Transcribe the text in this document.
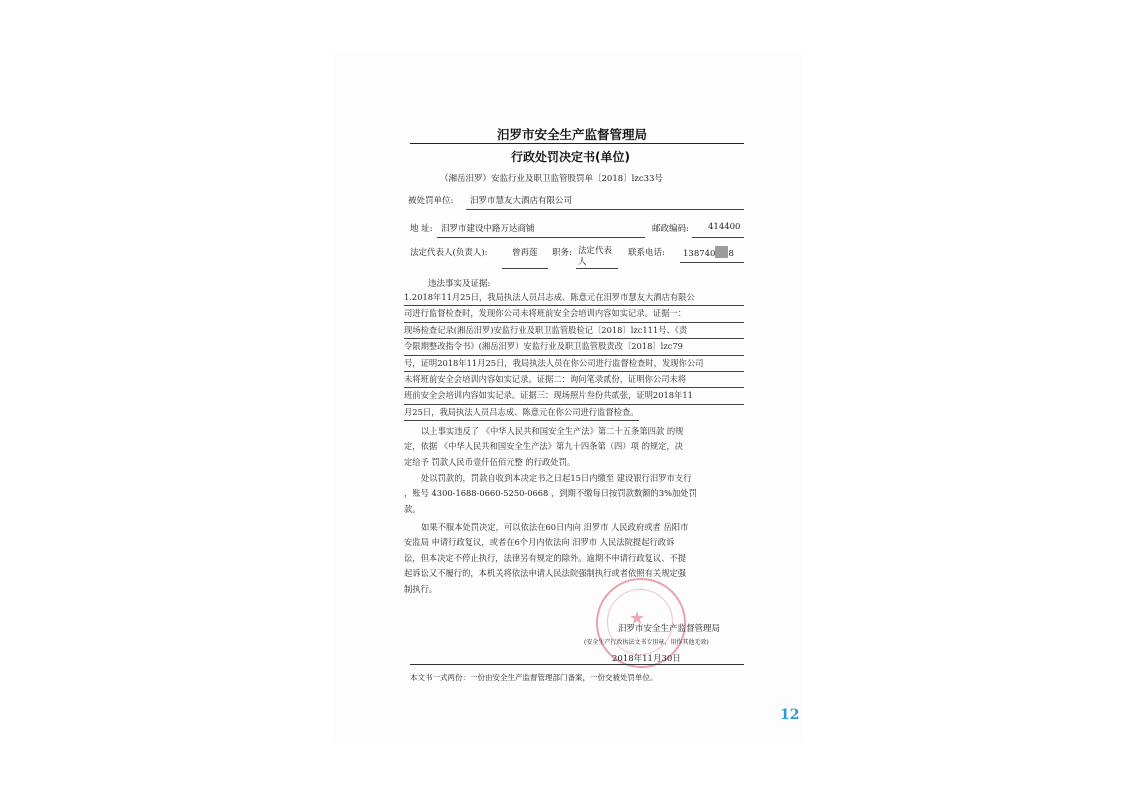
汨罗市安全生产监督管理局
行政处罚决定书(单位)
（湘岳汨罗）安监行业及职卫监管股罚单〔2018〕lzc33号
被处罚单位: 汨罗市慧友大酒店有限公司
地 址: 汨罗市建设中路万达商铺	邮政编码: 414400
法定代表人(负责人):	曾再莲 职务: 法定代表人
联系电话: 138740 8
违法事实及证据:
1.2018年11月25日，我局执法人员吕志成、陈意元在汨罗市慧友大酒店有限公
司进行监督检查时，发现你公司未将班前安全会培训内容如实记录。证据一：
现场检查记录(湘岳汨罗)安监行业及职卫监管股检记〔2018〕lzc111号、《责
令限期整改指令书》(湘岳汨罗）安监行业及职卫监管股责改〔2018〕lzc79
号，证明2018年11月25日，我局执法人员在你公司进行监督检查时，发现你公司
未将班前安全会培训内容如实记录。证据二：询问笔录贰份，证明你公司未将
班前安全会培训内容如实记录。证据三：现场照片叁份共贰张，证明2018年11
月25日，我局执法人员吕志成、陈意元在你公司进行监督检查。
以上事实违反了 《中华人民共和国安全生产法》第二十五条第四款 的规
定，依据 《中华人民共和国安全生产法》第九十四条第（四）项 的规定，决
定给予 罚款人民币壹仟伍佰元整 的行政处罚。
处以罚款的，罚款自收到本决定书之日起15日内缴至 建设银行汨罗市支行
，账号 4300-1688-0660-5250-0668 ，到期不缴每日按罚款数额的3%加处罚
款。
如果不服本处罚决定，可以依法在60日内向 汨罗市 人民政府或者 岳阳市
安监局 申请行政复议，或者在6个月内依法向 汨罗市 人民法院提起行政诉
讼，但本决定不停止执行，法律另有规定的除外。逾期不申请行政复议、不提
起诉讼又不履行的，本机关将依法申请人民法院强制执行或者依照有关规定强
制执行。
★
汨罗市安全生产监督管理局
(安全生产行政执法文书专用章，用作其他无效)
2018年11月30日
本文书一式两份：一份由安全生产监督管理部门备案，一份交被处罚单位。
12
